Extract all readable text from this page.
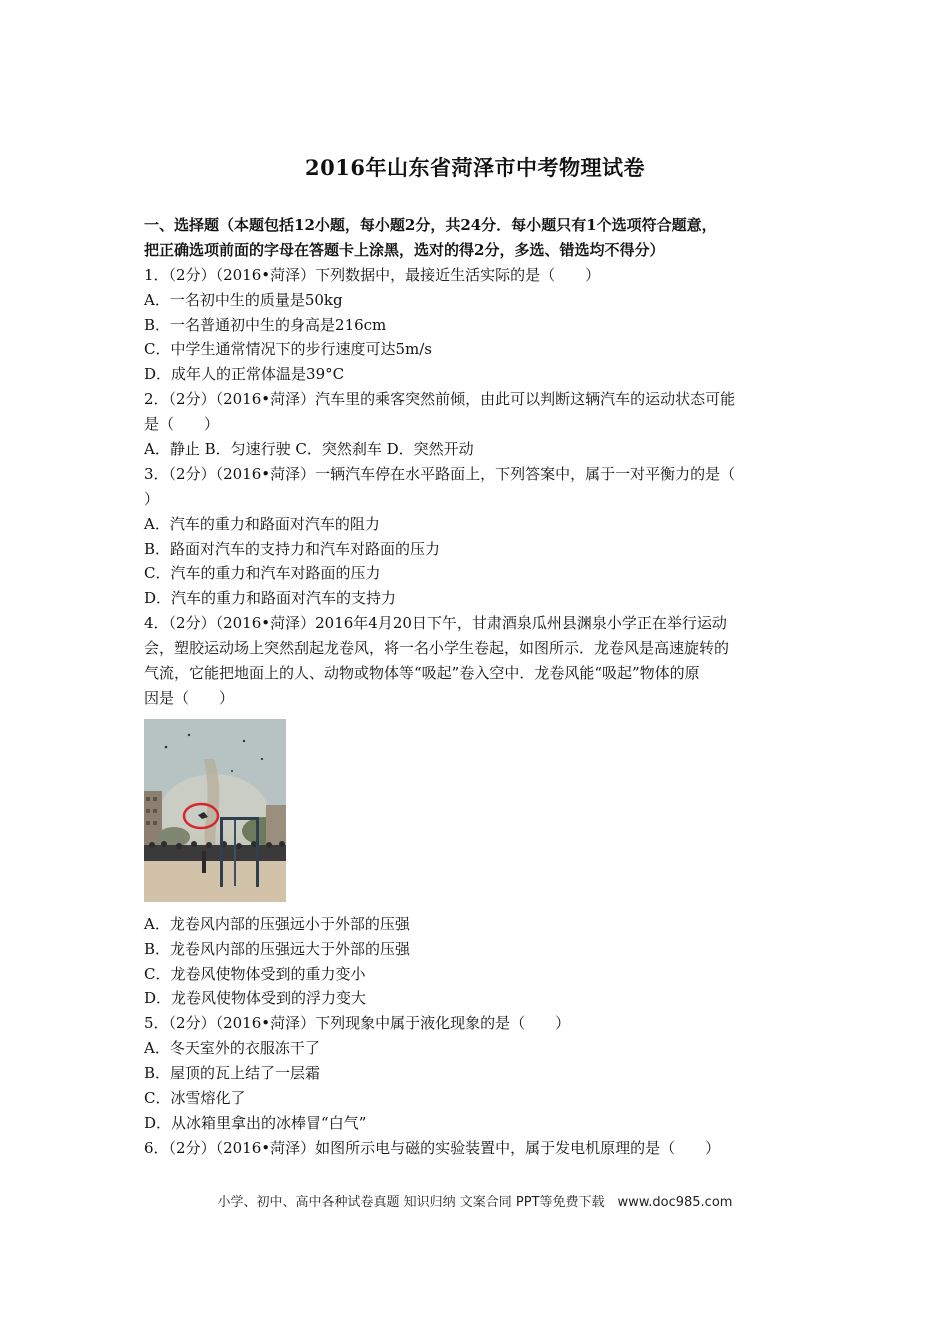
2016年山东省菏泽市中考物理试卷
一、选择题（本题包括12小题，每小题2分，共24分．每小题只有1个选项符合题意，
把正确选项前面的字母在答题卡上涂黑，选对的得2分，多选、错选均不得分）
1．（2分）（2016•菏泽）下列数据中，最接近生活实际的是（　　）
A．一名初中生的质量是50kg
B．一名普通初中生的身高是216cm
C．中学生通常情况下的步行速度可达5m/s
D．成年人的正常体温是39°C
2．（2分）（2016•菏泽）汽车里的乘客突然前倾，由此可以判断这辆汽车的运动状态可能
是（　　）
A．静止 B．匀速行驶 C．突然刹车 D．突然开动
3．（2分）（2016•菏泽）一辆汽车停在水平路面上，下列答案中，属于一对平衡力的是（
）
A．汽车的重力和路面对汽车的阻力
B．路面对汽车的支持力和汽车对路面的压力
C．汽车的重力和汽车对路面的压力
D．汽车的重力和路面对汽车的支持力
4．（2分）（2016•菏泽）2016年4月20日下午，甘肃酒泉瓜州县渊泉小学正在举行运动
会，塑胶运动场上突然刮起龙卷风，将一名小学生卷起，如图所示．龙卷风是高速旋转的
气流，它能把地面上的人、动物或物体等“吸起”卷入空中．龙卷风能“吸起”物体的原
因是（　　）
A．龙卷风内部的压强远小于外部的压强
B．龙卷风内部的压强远大于外部的压强
C．龙卷风使物体受到的重力变小
D．龙卷风使物体受到的浮力变大
5．（2分）（2016•菏泽）下列现象中属于液化现象的是（　　）
A．冬天室外的衣服冻干了
B．屋顶的瓦上结了一层霜
C．冰雪熔化了
D．从冰箱里拿出的冰棒冒“白气”
6．（2分）（2016•菏泽）如图所示电与磁的实验装置中，属于发电机原理的是（　　）
小学、初中、高中各种试卷真题 知识归纳 文案合同 PPT等免费下载　www.doc985.com
